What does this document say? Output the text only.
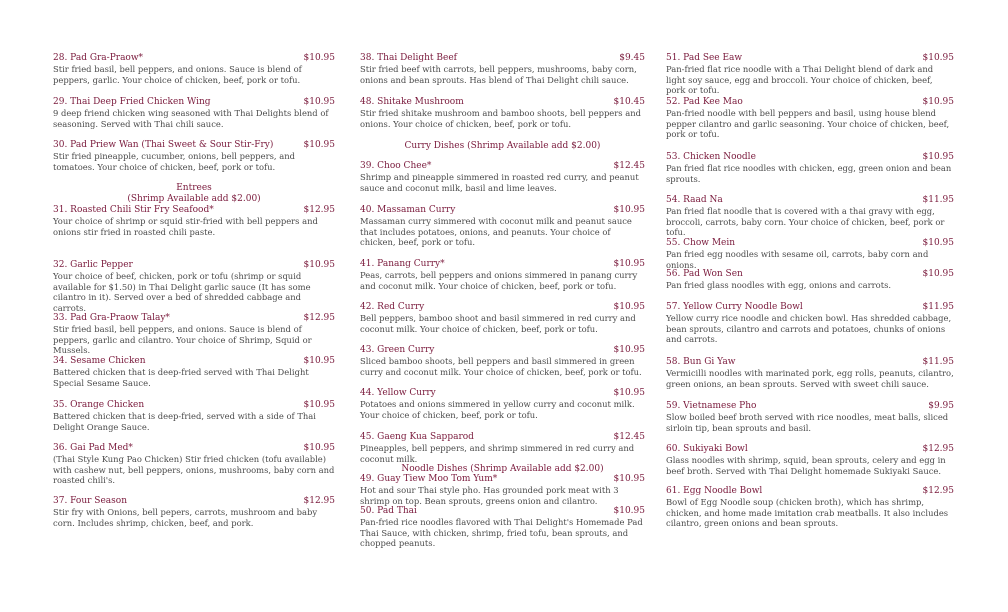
Entrees
(Shrimp Available add $2.00)
28. Pad Gra-Praow*	$10.95
Stir fried basil, bell peppers, and onions. Sauce is blend of peppers, garlic. Your choice of chicken, beef, pork or tofu.
29. Thai Deep Fried Chicken Wing	$10.95
9 deep friend chicken wing seasoned with Thai Delights blend of seasoning. Served with Thai chili sauce.
30. Pad Priew Wan (Thai Sweet & Sour Stir-Fry)	$10.95
Stir fried pineapple, cucumber, onions, bell peppers, and tomatoes. Your choice of chicken, beef, pork or tofu.
31. Roasted Chili Stir Fry Seafood*	$12.95
Your choice of shrimp or squid stir-fried with bell peppers and onions stir fried in roasted chili paste.
32. Garlic Pepper	$10.95
Your choice of beef, chicken, pork or tofu (shrimp or squid available for $1.50) in Thai Delight garlic sauce (It has some cilantro in it). Served over a bed of shredded cabbage and carrots.
33. Pad Gra-Praow Talay*	$12.95
Stir fried basil, bell peppers, and onions. Sauce is blend of peppers, garlic and cilantro. Your choice of Shrimp, Squid or Mussels.
34. Sesame Chicken	$10.95
Battered chicken that is deep-fried served with Thai Delight Special Sesame Sauce.
35. Orange Chicken	$10.95
Battered chicken that is deep-fried, served with a side of Thai Delight Orange Sauce.
36. Gai Pad Med*	$10.95
(Thai Style Kung Pao Chicken) Stir fried chicken (tofu available) with cashew nut, bell peppers, onions, mushrooms, baby corn and roasted chili's.
37. Four Season	$12.95
Stir fry with Onions, bell pepers, carrots, mushroom and baby corn. Includes shrimp, chicken, beef, and pork.
Curry Dishes (Shrimp Available add $2.00)
Noodle Dishes (Shrimp Available add $2.00)
38. Thai Delight Beef	$9.45
Stir fried beef with carrots, bell peppers, mushrooms, baby corn, onions and bean sprouts. Has blend of Thai Delight chili sauce.
48. Shitake Mushroom	$10.45
Stir fried shitake mushroom and bamboo shoots, bell peppers and onions. Your choice of chicken, beef, pork or tofu.
39. Choo Chee*	$12.45
Shrimp and pineapple simmered in roasted red curry, and peanut sauce and coconut milk, basil and lime leaves.
40. Massaman Curry	$10.95
Massaman curry simmered with coconut milk and peanut sauce that includes potatoes, onions, and peanuts. Your choice of chicken, beef, pork or tofu.
41. Panang Curry*	$10.95
Peas, carrots, bell peppers and onions simmered in panang curry and coconut milk. Your choice of chicken, beef, pork or tofu.
42. Red Curry	$10.95
Bell peppers, bamboo shoot and basil simmered in red curry and coconut milk. Your choice of chicken, beef, pork or tofu.
43. Green Curry	$10.95
Sliced bamboo shoots, bell peppers and basil simmered in green curry and coconut milk. Your choice of chicken, beef, pork or tofu.
44. Yellow Curry	$10.95
Potatoes and onions simmered in yellow curry and coconut milk. Your choice of chicken, beef, pork or tofu.
45. Gaeng Kua Sapparod	$12.45
Pineapples, bell peppers, and shrimp simmered in red curry and coconut milk.
49. Guay Tiew Moo Tom Yum*	$10.95
Hot and sour Thai style pho. Has grounded pork meat with 3 shrimp on top. Bean sprouts, greens onion and cilantro.
50. Pad Thai	$10.95
Pan-fried rice noodles flavored with Thai Delight's Homemade Pad Thai Sauce, with chicken, shrimp, fried tofu, bean sprouts, and chopped peanuts.
51. Pad See Eaw	$10.95
Pan-fried flat rice noodle with a Thai Delight blend of dark and light soy sauce, egg and broccoli. Your choice of chicken, beef, pork or tofu.
52. Pad Kee Mao	$10.95
Pan-fried noodle with bell peppers and basil, using house blend pepper cilantro and garlic seasoning. Your choice of chicken, beef, pork or tofu.
53. Chicken Noodle	$10.95
Pan fried flat rice noodles with chicken, egg, green onion and bean sprouts.
54. Raad Na	$11.95
Pan fried flat noodle that is covered with a thai gravy with egg, broccoli, carrots, baby corn. Your choice of chicken, beef, pork or tofu.
55. Chow Mein	$10.95
Pan fried egg noodles with sesame oil, carrots, baby corn and onions.
56. Pad Won Sen	$10.95
Pan fried glass noodles with egg, onions and carrots.
57. Yellow Curry Noodle Bowl	$11.95
Yellow curry rice noodle and chicken bowl. Has shredded cabbage, bean sprouts, cilantro and carrots and potatoes, chunks of onions and carrots.
58. Bun Gi Yaw	$11.95
Vermicilli noodles with marinated pork, egg rolls, peanuts, cilantro, green onions, an bean sprouts. Served with sweet chili sauce.
59. Vietnamese Pho	$9.95
Slow boiled beef broth served with rice noodles, meat balls, sliced sirloin tip, bean sprouts and basil.
60. Sukiyaki Bowl	$12.95
Glass noodles with shrimp, squid, bean sprouts, celery and egg in beef broth. Served with Thai Delight homemade Sukiyaki Sauce.
61. Egg Noodle Bowl	$12.95
Bowl of Egg Noodle soup (chicken broth), which has shrimp, chicken, and home made imitation crab meatballs. It also includes cilantro, green onions and bean sprouts.
